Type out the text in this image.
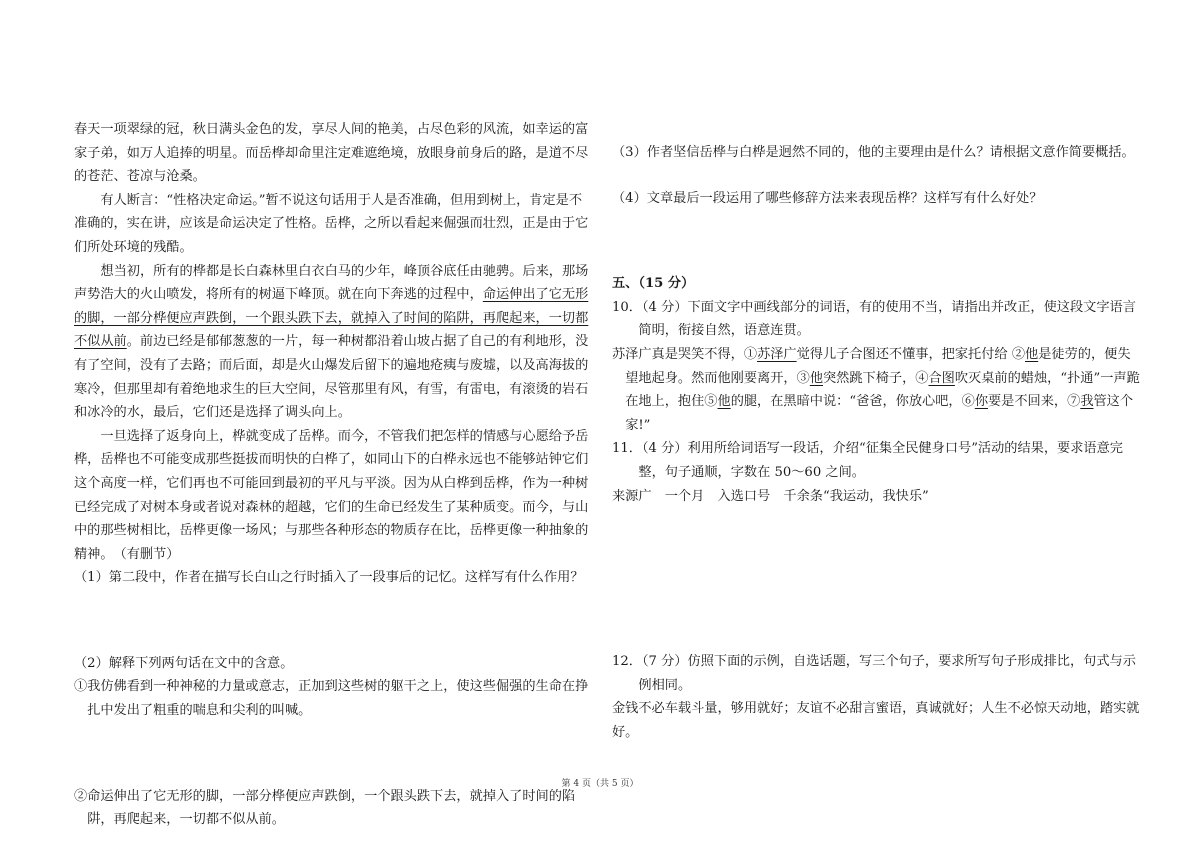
春天一项翠绿的冠，秋日满头金色的发，享尽人间的艳美，占尽色彩的风流，如幸运的富家子弟，如万人追捧的明星。而岳桦却命里注定难遮绝境，放眼身前身后的路，是道不尽的苍茫、苍凉与沧桑。

有人断言：“性格决定命运。”暂不说这句话用于人是否准确，但用到树上，肯定是不准确的，实在讲，应该是命运决定了性格。岳桦，之所以看起来倔强而壮烈，正是由于它们所处环境的残酷。

想当初，所有的桦都是长白森林里白衣白马的少年，峰顶谷底任由驰骋。后来，那场声势浩大的火山喷发，将所有的树逼下峰顶。就在向下奔逃的过程中，命运伸出了它无形的脚，一部分桦便应声跌倒，一个跟头跌下去，就掉入了时间的陷阱，再爬起来，一切都不似从前。前边已经是郁郁葱葱的一片，每一种树都沿着山坡占据了自己的有利地形，没有了空间，没有了去路；而后面，却是火山爆发后留下的遍地疮痍与废墟，以及高海拔的寒冷，但那里却有着绝地求生的巨大空间，尽管那里有风，有雪，有雷电，有滚烫的岩石和冰冷的水，最后，它们还是选择了调头向上。

一旦选择了返身向上，桦就变成了岳桦。而今，不管我们把怎样的情感与心愿给予岳桦，岳桦也不可能变成那些挺拔而明快的白桦了，如同山下的白桦永远也不能够站钟它们这个高度一样，它们再也不可能回到最初的平凡与平淡。因为从白桦到岳桦，作为一种树已经完成了对树本身或者说对森林的超越，它们的生命已经发生了某种质变。而今，与山中的那些树相比，岳桦更像一场风；与那些各种形态的物质存在比，岳桦更像一种抽象的精神。　（有删节）

（1）第二段中，作者在描写长白山之行时插入了一段事后的记忆。这样写有什么作用？

（2）解释下列两句话在文中的含意。

①我仿佛看到一种神秘的力量或意志，正加到这些树的躯干之上，使这些倔强的生命在挣扎中发出了粗重的喘息和尖利的叫喊。

②命运伸出了它无形的脚，一部分桦便应声跌倒，一个跟头跌下去，就掉入了时间的陷阱，再爬起来，一切都不似从前。

（3）作者坚信岳桦与白桦是迥然不同的，他的主要理由是什么？请根据文意作简要概括。

（4）文章最后一段运用了哪些修辞方法来表现岳桦？这样写有什么好处？

五、（15 分）

10．（4 分）下面文字中画线部分的词语，有的使用不当，请指出并改正，使这段文字语言简明，衔接自然，语意连贯。

苏泽广真是哭笑不得，①苏泽广觉得儿子合图还不懂事，把家托付给 ②他是徒劳的，便失望地起身。然而他刚要离开，③他突然跳下椅子，④合图吹灭桌前的蜡烛，“扑通”一声跪在地上，抱住⑤他的腿，在黑暗中说：“爸爸，你放心吧，⑥你要是不回来，⑦我管这个家!”

11．（4 分）利用所给词语写一段话，介绍“征集全民健身口号”活动的结果，要求语意完整，句子通顺，字数在 50～60 之间。

来源广　一个月　入选口号　千余条“我运动，我快乐”

12．（7 分）仿照下面的示例，自选话题，写三个句子，要求所写句子形成排比，句式与示例相同。

金钱不必车载斗量，够用就好；友谊不必甜言蜜语，真诚就好；人生不必惊天动地，踏实就好。

第 4 页（共 5 页）
